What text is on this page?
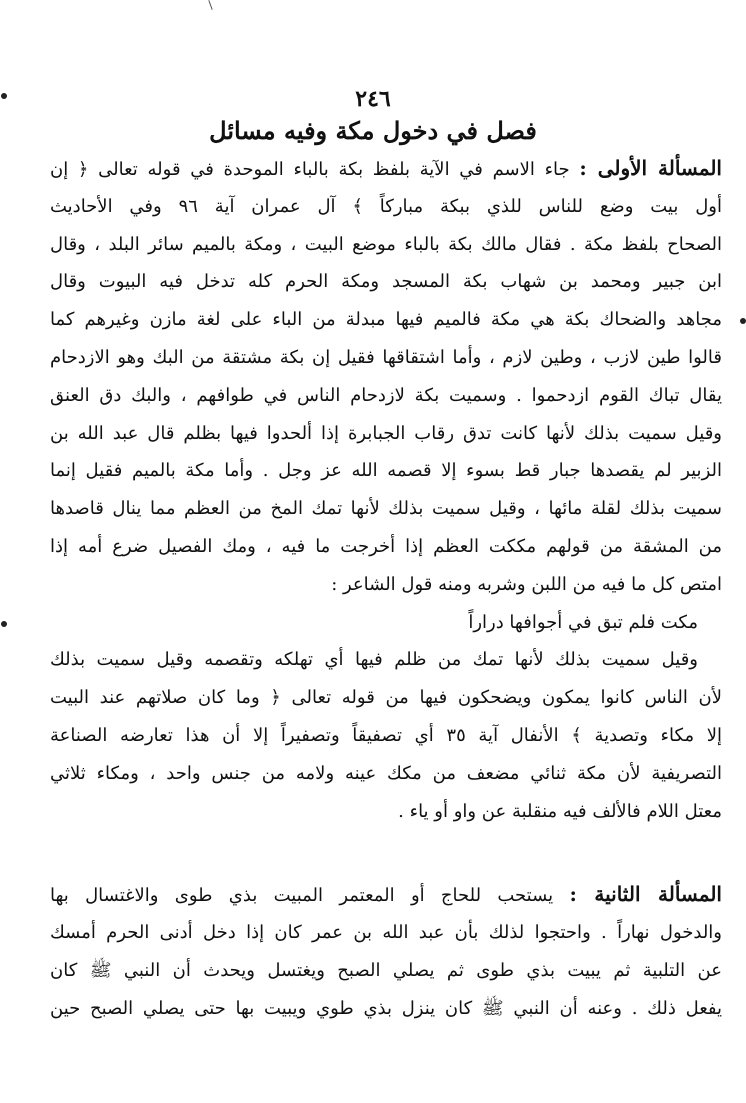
٢٤٦
فصل في دخول مكة وفيه مسائل
المسألة الأولى : جاء الاسم في الآية بلفظ بكة بالباء الموحدة في قوله تعالى ﴿ إن
أول بيت وضع للناس للذي ببكة مباركاً ﴾ آل عمران آية ٩٦ وفي الأحاديث
الصحاح بلفظ مكة . فقال مالك بكة بالباء موضع البيت ، ومكة بالميم سائر البلد ، وقال
ابن جبير ومحمد بن شهاب بكة المسجد ومكة الحرم كله تدخل فيه البيوت وقال
مجاهد والضحاك بكة هي مكة فالميم فيها مبدلة من الباء على لغة مازن وغيرهم كما
قالوا طين لازب ، وطين لازم ، وأما اشتقاقها فقيل إن بكة مشتقة من البك وهو الازدحام
يقال تباك القوم ازدحموا . وسميت بكة لازدحام الناس في طوافهم ، والبك دق العنق
وقيل سميت بذلك لأنها كانت تدق رقاب الجبابرة إذا ألحدوا فيها بظلم قال عبد الله بن
الزبير لم يقصدها جبار قط بسوء إلا قصمه الله عز وجل . وأما مكة بالميم فقيل إنما
سميت بذلك لقلة مائها ، وقيل سميت بذلك لأنها تمك المخ من العظم مما ينال قاصدها
من المشقة من قولهم مككت العظم إذا أخرجت ما فيه ، ومك الفصيل ضرع أمه إذا
امتص كل ما فيه من اللبن وشربه ومنه قول الشاعر :
مكت فلم تبق في أجوافها دراراً
وقيل سميت بذلك لأنها تمك من ظلم فيها أي تهلكه وتقصمه وقيل سميت بذلك
لأن الناس كانوا يمكون ويضحكون فيها من قوله تعالى ﴿ وما كان صلاتهم عند البيت
إلا مكاء وتصدية ﴾ الأنفال آية ٣٥ أي تصفيقاً وتصفيراً إلا أن هذا تعارضه الصناعة
التصريفية لأن مكة ثنائي مضعف من مكك عينه ولامه من جنس واحد ، ومكاء ثلاثي
معتل اللام فالألف فيه منقلبة عن واو أو ياء .
المسألة الثانية : يستحب للحاج أو المعتمر المبيت بذي طوى والاغتسال بها
والدخول نهاراً . واحتجوا لذلك بأن عبد الله بن عمر كان إذا دخل أدنى الحرم أمسك
عن التلبية ثم يبيت بذي طوى ثم يصلي الصبح ويغتسل ويحدث أن النبي ﷺ كان
يفعل ذلك . وعنه أن النبي ﷺ كان ينزل بذي طوي ويبيت بها حتى يصلي الصبح حين
